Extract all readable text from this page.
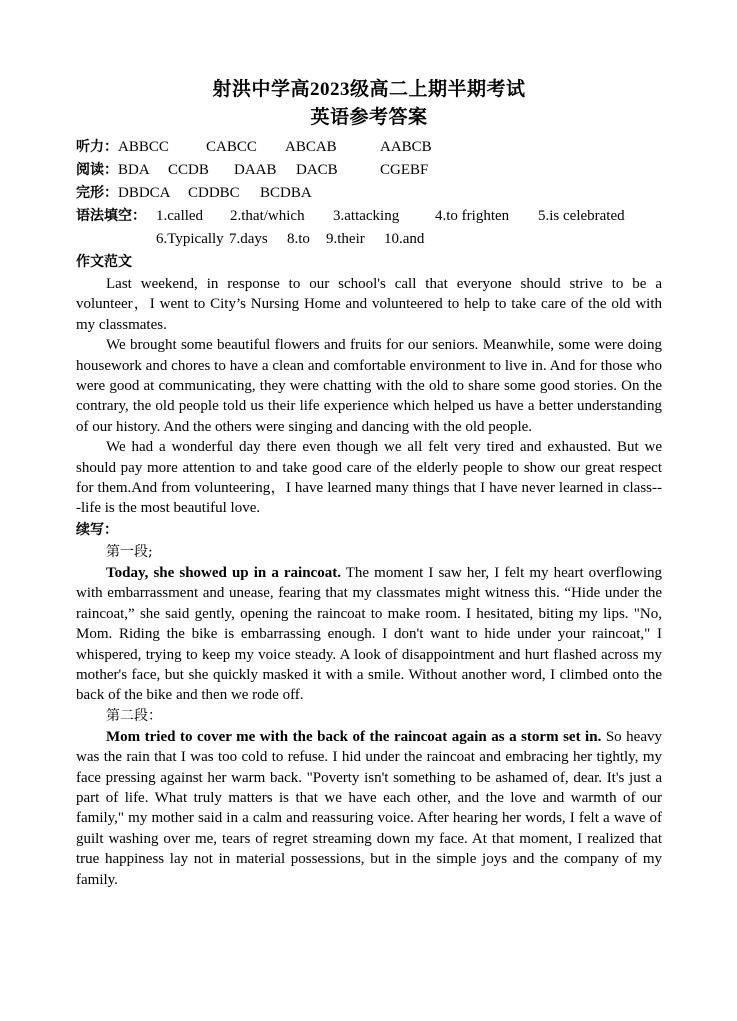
射洪中学高2023级高二上期半期考试
英语参考答案
听力：ABBCC CABCC ABCAB	AABCB
阅读：BDA CCDB DAAB DACB	CGEBF
完形：DBDCA CDDBC BCDBA
语法填空： 1.called 2.that/which 3.attacking 4.to frighten 5.is celebrated
6.Typically 7.days 8.to 9.their 10.and
作文范文

Last weekend, in response to our school's call that everyone should strive to be a volunteer，I went to City’s Nursing Home and volunteered to help to take care of the old with my classmates.

We brought some beautiful flowers and fruits for our seniors. Meanwhile, some were doing housework and chores to have a clean and comfortable environment to live in. And for those who were good at communicating, they were chatting with the old to share some good stories. On the contrary, the old people told us their life experience which helped us have a better understanding of our history. And the others were singing and dancing with the old people.

We had a wonderful day there even though we all felt very tired and exhausted. But we should pay more attention to and take good care of the elderly people to show our great respect for them.And from volunteering，I have learned many things that I have never learned in class---life is the most beautiful love.

续写：

第一段;

Today, she showed up in a raincoat. The moment I saw her, I felt my heart overflowing with embarrassment and unease, fearing that my classmates might witness this. “Hide under the raincoat,” she said gently, opening the raincoat to make room. I hesitated, biting my lips. "No, Mom. Riding the bike is embarrassing enough. I don't want to hide under your raincoat," I whispered, trying to keep my voice steady. A look of disappointment and hurt flashed across my mother's face, but she quickly masked it with a smile. Without another word, I climbed onto the back of the bike and then we rode off.

第二段：

Mom tried to cover me with the back of the raincoat again as a storm set in. So heavy was the rain that I was too cold to refuse. I hid under the raincoat and embracing her tightly, my face pressing against her warm back. "Poverty isn't something to be ashamed of, dear. It's just a part of life. What truly matters is that we have each other, and the love and warmth of our family," my mother said in a calm and reassuring voice. After hearing her words, I felt a wave of guilt washing over me, tears of regret streaming down my face. At that moment, I realized that true happiness lay not in material possessions, but in the simple joys and the company of my family.
